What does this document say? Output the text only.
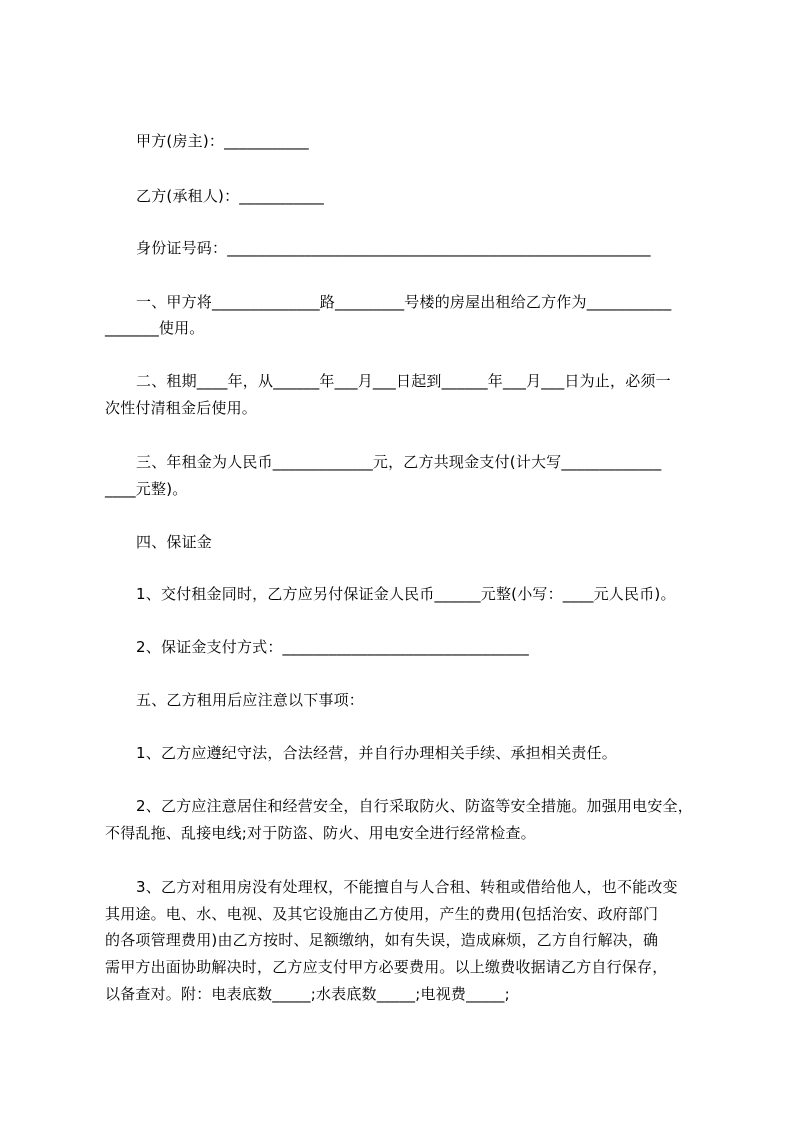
甲方(房主)：___________
乙方(承租人)：___________
身份证号码：_______________________________________________________
一、甲方将______________路_________号楼的房屋出租给乙方作为___________
_______使用。
二、租期____年，从______年___月___日起到______年___月___日为止，必须一
次性付清租金后使用。
三、年租金为人民币_____________元，乙方共现金支付(计大写_____________
____元整)。
四、保证金
1、交付租金同时，乙方应另付保证金人民币______元整(小写：____元人民币)。
2、保证金支付方式：________________________________
五、乙方租用后应注意以下事项：
1、乙方应遵纪守法，合法经营，并自行办理相关手续、承担相关责任。
2、乙方应注意居住和经营安全，自行采取防火、防盗等安全措施。加强用电安全，
不得乱拖、乱接电线;对于防盗、防火、用电安全进行经常检查。
3、乙方对租用房没有处理权，不能擅自与人合租、转租或借给他人，也不能改变
其用途。电、水、电视、及其它设施由乙方使用，产生的费用(包括治安、政府部门
的各项管理费用)由乙方按时、足额缴纳，如有失误，造成麻烦，乙方自行解决，确
需甲方出面协助解决时，乙方应支付甲方必要费用。以上缴费收据请乙方自行保存，
以备查对。附：电表底数_____;水表底数_____;电视费_____;
